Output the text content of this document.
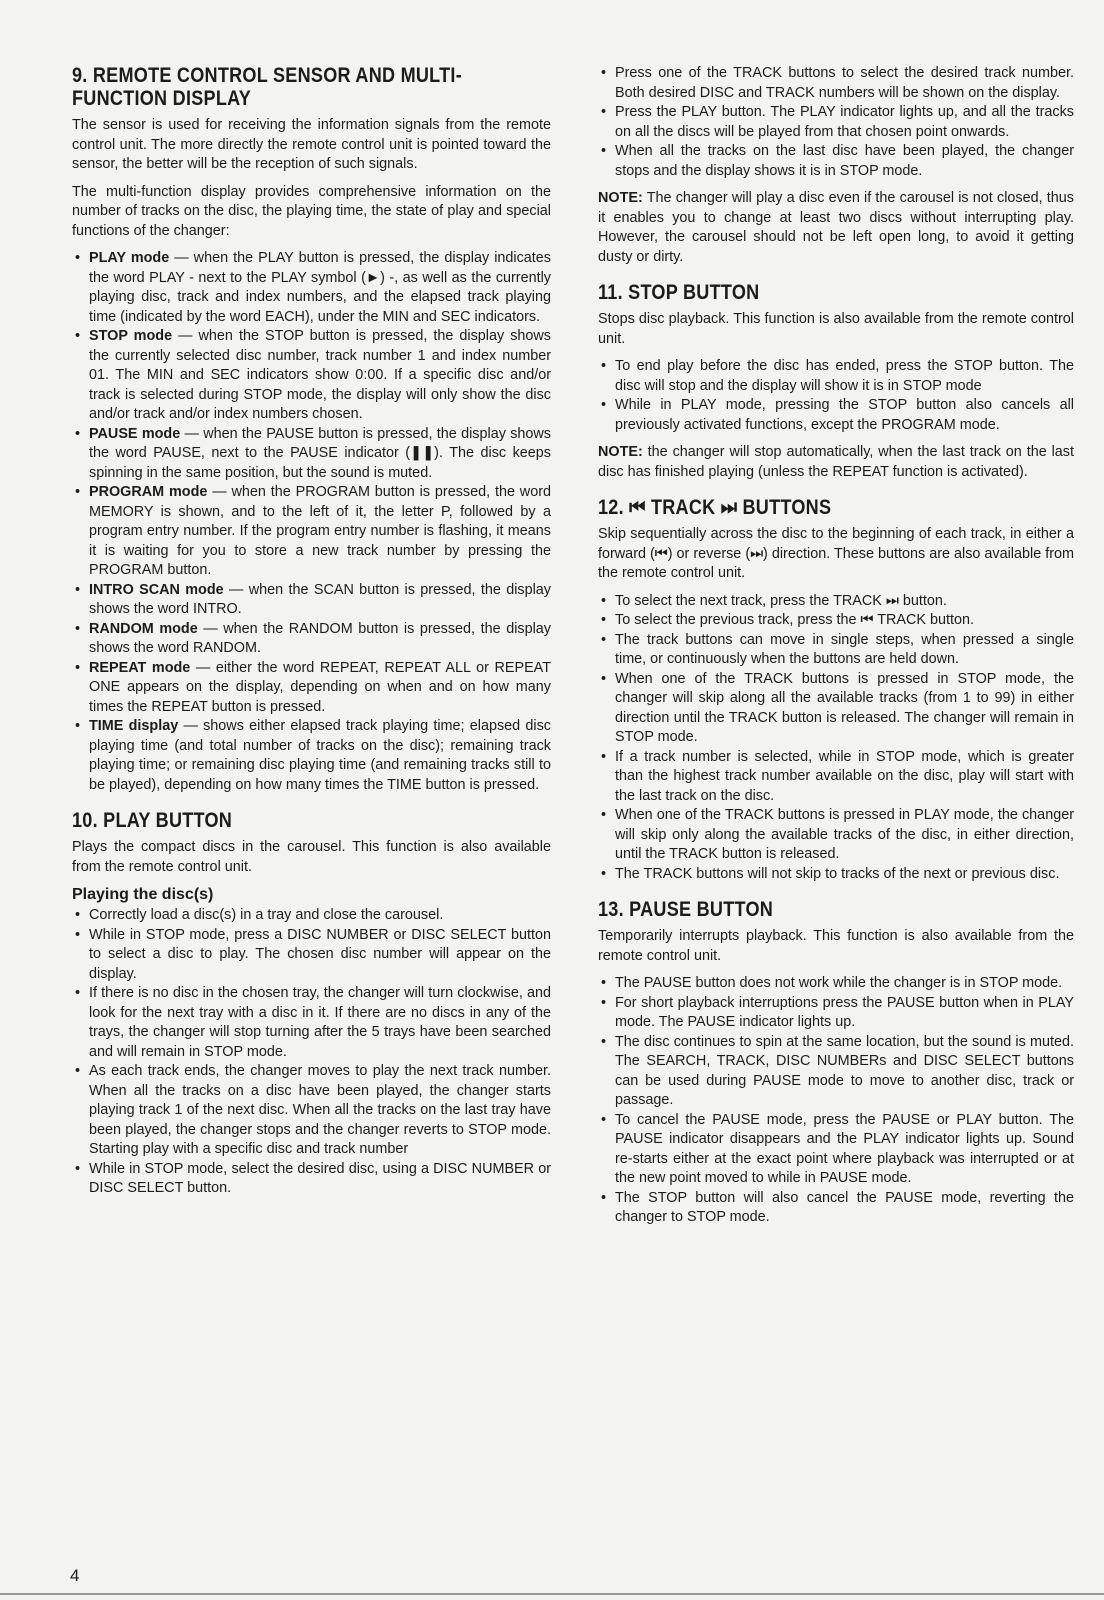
9. REMOTE CONTROL SENSOR AND MULTI-FUNCTION DISPLAY

The sensor is used for receiving the information signals from the remote control unit. The more directly the remote control unit is pointed toward the sensor, the better will be the reception of such signals.

The multi-function display provides comprehensive information on the number of tracks on the disc, the playing time, the state of play and special functions of the changer:

• PLAY mode — when the PLAY button is pressed, the display indicates the word PLAY - next to the PLAY symbol (►) -, as well as the currently playing disc, track and index numbers, and the elapsed track playing time (indicated by the word EACH), under the MIN and SEC indicators.
• STOP mode — when the STOP button is pressed, the display shows the currently selected disc number, track number 1 and index number 01. The MIN and SEC indicators show 0:00. If a specific disc and/or track is selected during STOP mode, the display will only show the disc and/or track and/or index numbers chosen.
• PAUSE mode — when the PAUSE button is pressed, the display shows the word PAUSE, next to the PAUSE indicator (❚❚). The disc keeps spinning in the same position, but the sound is muted.
• PROGRAM mode — when the PROGRAM button is pressed, the word MEMORY is shown, and to the left of it, the letter P, followed by a program entry number. If the program entry number is flashing, it means it is waiting for you to store a new track number by pressing the PROGRAM button.
• INTRO SCAN mode — when the SCAN button is pressed, the display shows the word INTRO.
• RANDOM mode — when the RANDOM button is pressed, the display shows the word RANDOM.
• REPEAT mode — either the word REPEAT, REPEAT ALL or REPEAT ONE appears on the display, depending on when and on how many times the REPEAT button is pressed.
• TIME display — shows either elapsed track playing time; elapsed disc playing time (and total number of tracks on the disc); remaining track playing time; or remaining disc playing time (and remaining tracks still to be played), depending on how many times the TIME button is pressed.
10. PLAY BUTTON

Plays the compact discs in the carousel. This function is also available from the remote control unit.

Playing the disc(s)
• Correctly load a disc(s) in a tray and close the carousel.
• While in STOP mode, press a DISC NUMBER or DISC SELECT button to select a disc to play. The chosen disc number will appear on the display.
• If there is no disc in the chosen tray, the changer will turn clockwise, and look for the next tray with a disc in it. If there are no discs in any of the trays, the changer will stop turning after the 5 trays have been searched and will remain in STOP mode.
• As each track ends, the changer moves to play the next track number. When all the tracks on a disc have been played, the changer starts playing track 1 of the next disc. When all the tracks on the last tray have been played, the changer stops and the changer reverts to STOP mode. Starting play with a specific disc and track number
• While in STOP mode, select the desired disc, using a DISC NUMBER or DISC SELECT button.
• Press one of the TRACK buttons to select the desired track number. Both desired DISC and TRACK numbers will be shown on the display.
• Press the PLAY button. The PLAY indicator lights up, and all the tracks on all the discs will be played from that chosen point onwards.
• When all the tracks on the last disc have been played, the changer stops and the display shows it is in STOP mode.

NOTE: The changer will play a disc even if the carousel is not closed, thus it enables you to change at least two discs without interrupting play. However, the carousel should not be left open long, to avoid it getting dusty or dirty.

11. STOP BUTTON

Stops disc playback. This function is also available from the remote control unit.

• To end play before the disc has ended, press the STOP button. The disc will stop and the display will show it is in STOP mode
• While in PLAY mode, pressing the STOP button also cancels all previously activated functions, except the PROGRAM mode.

NOTE: the changer will stop automatically, when the last track on the last disc has finished playing (unless the REPEAT function is activated).

12. ⏮ TRACK ⏭ BUTTONS

Skip sequentially across the disc to the beginning of each track, in either a forward (⏮) or reverse (⏭) direction. These buttons are also available from the remote control unit.

• To select the next track, press the TRACK ⏭ button.
• To select the previous track, press the ⏮ TRACK button.
• The track buttons can move in single steps, when pressed a single time, or continuously when the buttons are held down.
• When one of the TRACK buttons is pressed in STOP mode, the changer will skip along all the available tracks (from 1 to 99) in either direction until the TRACK button is released. The changer will remain in STOP mode.
• If a track number is selected, while in STOP mode, which is greater than the highest track number available on the disc, play will start with the last track on the disc.
• When one of the TRACK buttons is pressed in PLAY mode, the changer will skip only along the available tracks of the disc, in either direction, until the TRACK button is released.
• The TRACK buttons will not skip to tracks of the next or previous disc.
13. PAUSE BUTTON

Temporarily interrupts playback. This function is also available from the remote control unit.

• The PAUSE button does not work while the changer is in STOP mode.
• For short playback interruptions press the PAUSE button when in PLAY mode. The PAUSE indicator lights up.
• The disc continues to spin at the same location, but the sound is muted. The SEARCH, TRACK, DISC NUMBERs and DISC SELECT buttons can be used during PAUSE mode to move to another disc, track or passage.
• To cancel the PAUSE mode, press the PAUSE or PLAY button. The PAUSE indicator disappears and the PLAY indicator lights up. Sound re-starts either at the exact point where playback was interrupted or at the new point moved to while in PAUSE mode.
• The STOP button will also cancel the PAUSE mode, reverting the changer to STOP mode.
4
